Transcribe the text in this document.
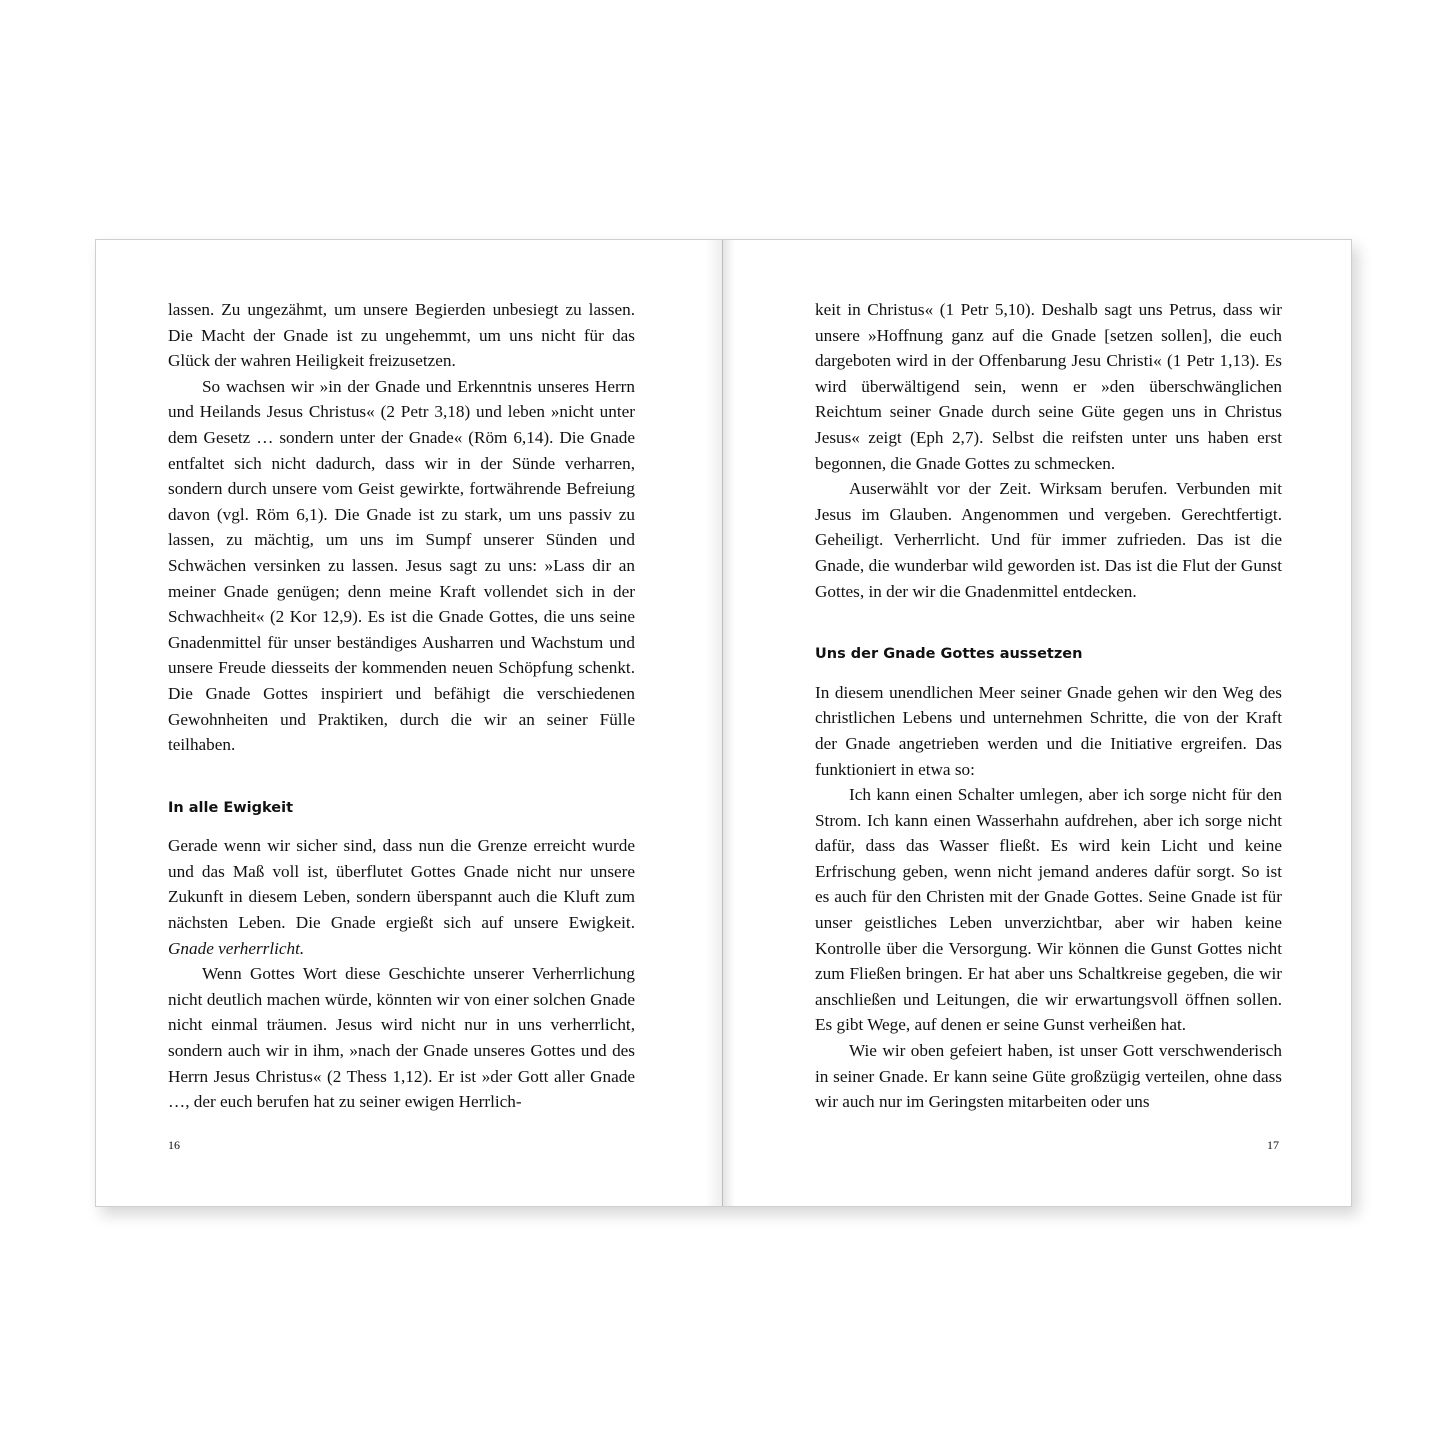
lassen. Zu ungezähmt, um unsere Begierden unbesiegt zu lassen. Die Macht der Gnade ist zu ungehemmt, um uns nicht für das Glück der wahren Heiligkeit freizusetzen.

So wachsen wir »in der Gnade und Erkenntnis unseres Herrn und Heilands Jesus Christus« (2 Petr 3,18) und leben »nicht unter dem Gesetz … sondern unter der Gnade« (Röm 6,14). Die Gnade entfaltet sich nicht dadurch, dass wir in der Sünde verharren, sondern durch unsere vom Geist gewirkte, fortwährende Befreiung davon (vgl. Röm 6,1). Die Gnade ist zu stark, um uns passiv zu lassen, zu mächtig, um uns im Sumpf unserer Sünden und Schwächen versinken zu lassen. Jesus sagt zu uns: »Lass dir an meiner Gnade genügen; denn meine Kraft vollendet sich in der Schwachheit« (2 Kor 12,9). Es ist die Gnade Gottes, die uns seine Gnadenmittel für unser beständiges Ausharren und Wachstum und unsere Freude diesseits der kommenden neuen Schöpfung schenkt. Die Gnade Gottes inspiriert und befähigt die verschiedenen Gewohnheiten und Praktiken, durch die wir an seiner Fülle teilhaben.

In alle Ewigkeit

Gerade wenn wir sicher sind, dass nun die Grenze erreicht wurde und das Maß voll ist, überflutet Gottes Gnade nicht nur unsere Zukunft in diesem Leben, sondern überspannt auch die Kluft zum nächsten Leben. Die Gnade ergießt sich auf unsere Ewigkeit. Gnade verherrlicht.

Wenn Gottes Wort diese Geschichte unserer Verherrlichung nicht deutlich machen würde, könnten wir von einer solchen Gnade nicht einmal träumen. Jesus wird nicht nur in uns verherrlicht, sondern auch wir in ihm, »nach der Gnade unseres Gottes und des Herrn Jesus Christus« (2 Thess 1,12). Er ist »der Gott aller Gnade …, der euch berufen hat zu seiner ewigen Herrlich-

16

keit in Christus« (1 Petr 5,10). Deshalb sagt uns Petrus, dass wir unsere »Hoffnung ganz auf die Gnade [setzen sollen], die euch dargeboten wird in der Offenbarung Jesu Christi« (1 Petr 1,13). Es wird überwältigend sein, wenn er »den überschwänglichen Reichtum seiner Gnade durch seine Güte gegen uns in Christus Jesus« zeigt (Eph 2,7). Selbst die reifsten unter uns haben erst begonnen, die Gnade Gottes zu schmecken.

Auserwählt vor der Zeit. Wirksam berufen. Verbunden mit Jesus im Glauben. Angenommen und vergeben. Gerechtfertigt. Geheiligt. Verherrlicht. Und für immer zufrieden. Das ist die Gnade, die wunderbar wild geworden ist. Das ist die Flut der Gunst Gottes, in der wir die Gnadenmittel entdecken.

Uns der Gnade Gottes aussetzen

In diesem unendlichen Meer seiner Gnade gehen wir den Weg des christlichen Lebens und unternehmen Schritte, die von der Kraft der Gnade angetrieben werden und die Initiative ergreifen. Das funktioniert in etwa so:

Ich kann einen Schalter umlegen, aber ich sorge nicht für den Strom. Ich kann einen Wasserhahn aufdrehen, aber ich sorge nicht dafür, dass das Wasser fließt. Es wird kein Licht und keine Erfrischung geben, wenn nicht jemand anderes dafür sorgt. So ist es auch für den Christen mit der Gnade Gottes. Seine Gnade ist für unser geistliches Leben unverzichtbar, aber wir haben keine Kontrolle über die Versorgung. Wir können die Gunst Gottes nicht zum Fließen bringen. Er hat aber uns Schaltkreise gegeben, die wir anschließen und Leitungen, die wir erwartungsvoll öffnen sollen. Es gibt Wege, auf denen er seine Gunst verheißen hat.

Wie wir oben gefeiert haben, ist unser Gott verschwenderisch in seiner Gnade. Er kann seine Güte großzügig verteilen, ohne dass wir auch nur im Geringsten mitarbeiten oder uns

17
